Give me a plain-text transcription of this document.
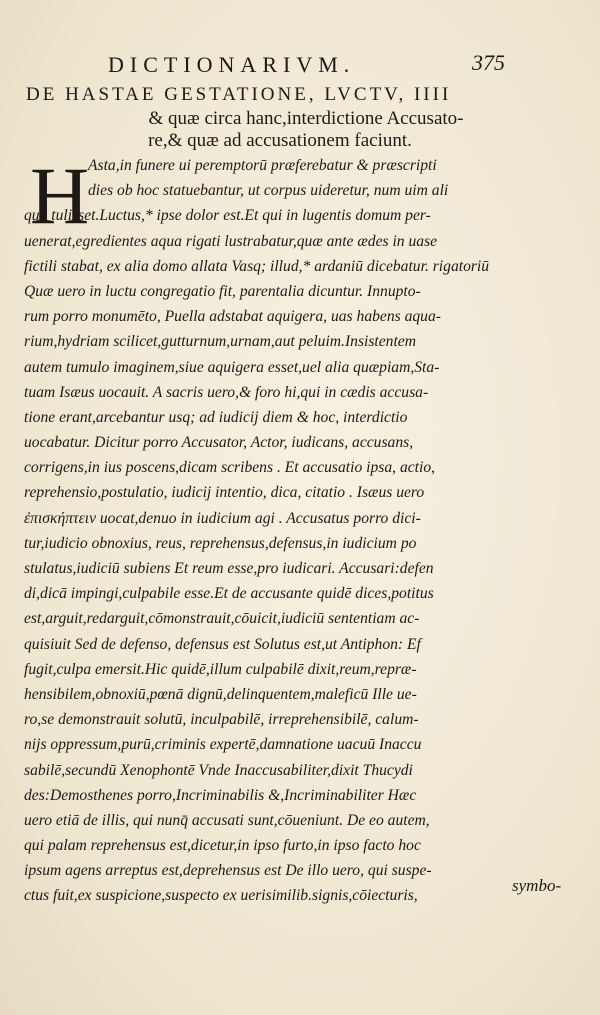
DICTIONARIVM.	375
DE HASTAE GESTATIONE, LVCTV, IIII
& quæ circa hanc,interdictione Accusato-
re,& quæ ad accusationem faciunt.
H
Asta,in funere ui peremptorū præferebatur & præscripti
dies ob hoc statuebantur, ut corpus uideretur, num uim ali
quā tulisset.Luctus,* ipse dolor est.Et qui in lugentis domum per-
uenerat,egredientes aqua rigati lustrabatur,quæ ante ædes in uase
fictili stabat, ex alia domo allata Vasq; illud,* ardaniū dicebatur. rigatoriū
Quæ uero in luctu congregatio fit, parentalia dicuntur. Innupto-
rum porro monumēto, Puella adstabat aquigera, uas habens aqua-
rium,hydriam scilicet,gutturnum,urnam,aut peluim.Insistentem
autem tumulo imaginem,siue aquigera esset,uel alia quæpiam,Sta-
tuam Isæus uocauit. A sacris uero,& foro hi,qui in cædis accusa-
tione erant,arcebantur usq; ad iudicij diem & hoc, interdictio
uocabatur. Dicitur porro Accusator, Actor, iudicans, accusans,
corrigens,in ius poscens,dicam scribens . Et accusatio ipsa, actio,
reprehensio,postulatio, iudicij intentio, dica, citatio . Isæus uero
ἐπισκήπτειν uocat,denuo in iudicium agi . Accusatus porro dici-
tur,iudicio obnoxius, reus, reprehensus,defensus,in iudicium po
stulatus,iudiciū subiens Et reum esse,pro iudicari. Accusari:defen
di,dicā impingi,culpabile esse.Et de accusante quidē dices,potitus
est,arguit,redarguit,cōmonstrauit,cōuicit,iudiciū sententiam ac-
quisiuit Sed de defenso, defensus est Solutus est,ut Antiphon: Ef
fugit,culpa emersit.Hic quidē,illum culpabilē dixit,reum,repræ-
hensibilem,obnoxiū,pœnā dignū,delinquentem,maleficū Ille ue-
ro,se demonstrauit solutū, inculpabilē, irreprehensibilē, calum-
nijs oppressum,purū,criminis expertē,damnatione uacuū Inaccu
sabilē,secundū Xenophontē Vnde Inaccusabiliter,dixit Thucydi
des:Demosthenes porro,Incriminabilis &,Incriminabiliter Hæc
uero etiā de illis, qui nunq̄ accusati sunt,cōueniunt. De eo autem,
qui palam reprehensus est,dicetur,in ipso furto,in ipso facto hoc
ipsum agens arreptus est,deprehensus est De illo uero, qui suspe-
ctus fuit,ex suspicione,suspecto ex uerisimilib.signis,cōiecturis,
symbo-
